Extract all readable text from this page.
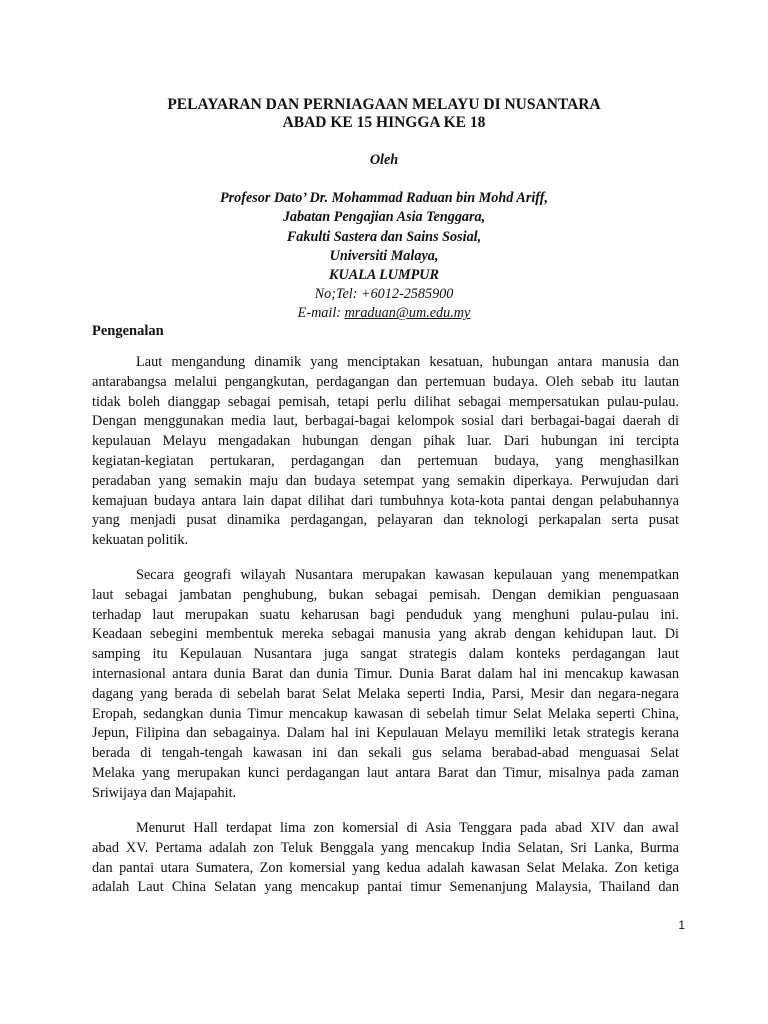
PELAYARAN DAN PERNIAGAAN MELAYU DI NUSANTARA
ABAD KE 15 HINGGA KE 18
Oleh
Profesor Dato’ Dr. Mohammad Raduan bin Mohd Ariff,
Jabatan Pengajian Asia Tenggara,
Fakulti Sastera dan Sains Sosial,
Universiti Malaya,
KUALA LUMPUR
No;Tel: +6012-2585900
E-mail: mraduan@um.edu.my
Pengenalan
Laut mengandung dinamik yang menciptakan kesatuan, hubungan antara manusia dan
antarabangsa melalui pengangkutan, perdagangan dan pertemuan budaya. Oleh sebab itu lautan
tidak boleh dianggap sebagai pemisah, tetapi perlu dilihat sebagai mempersatukan pulau-pulau.
Dengan menggunakan media laut, berbagai-bagai kelompok sosial dari berbagai-bagai daerah di
kepulauan Melayu mengadakan hubungan dengan pihak luar. Dari hubungan ini tercipta
kegiatan-kegiatan pertukaran, perdagangan dan pertemuan budaya, yang menghasilkan
peradaban yang semakin maju dan budaya setempat yang semakin diperkaya. Perwujudan dari
kemajuan budaya antara lain dapat dilihat dari tumbuhnya kota-kota pantai dengan pelabuhannya
yang menjadi pusat dinamika perdagangan, pelayaran dan teknologi perkapalan serta pusat
kekuatan politik.
Secara geografi wilayah Nusantara merupakan kawasan kepulauan yang menempatkan
laut sebagai jambatan penghubung, bukan sebagai pemisah. Dengan demikian penguasaan
terhadap laut merupakan suatu keharusan bagi penduduk yang menghuni pulau-pulau ini.
Keadaan sebegini membentuk mereka sebagai manusia yang akrab dengan kehidupan laut. Di
samping itu Kepulauan Nusantara juga sangat strategis dalam konteks perdagangan laut
internasional antara dunia Barat dan dunia Timur. Dunia Barat dalam hal ini mencakup kawasan
dagang yang berada di sebelah barat Selat Melaka seperti India, Parsi, Mesir dan negara-negara
Eropah, sedangkan dunia Timur mencakup kawasan di sebelah timur Selat Melaka seperti China,
Jepun, Filipina dan sebagainya. Dalam hal ini Kepulauan Melayu memiliki letak strategis kerana
berada di tengah-tengah kawasan ini dan sekali gus selama berabad-abad menguasai Selat
Melaka yang merupakan kunci perdagangan laut antara Barat dan Timur, misalnya pada zaman
Sriwijaya dan Majapahit.
Menurut Hall terdapat lima zon komersial di Asia Tenggara pada abad XIV dan awal
abad XV. Pertama adalah zon Teluk Benggala yang mencakup India Selatan, Sri Lanka, Burma
dan pantai utara Sumatera, Zon komersial yang kedua adalah kawasan Selat Melaka. Zon ketiga
adalah Laut China Selatan yang mencakup pantai timur Semenanjung Malaysia, Thailand dan
1
